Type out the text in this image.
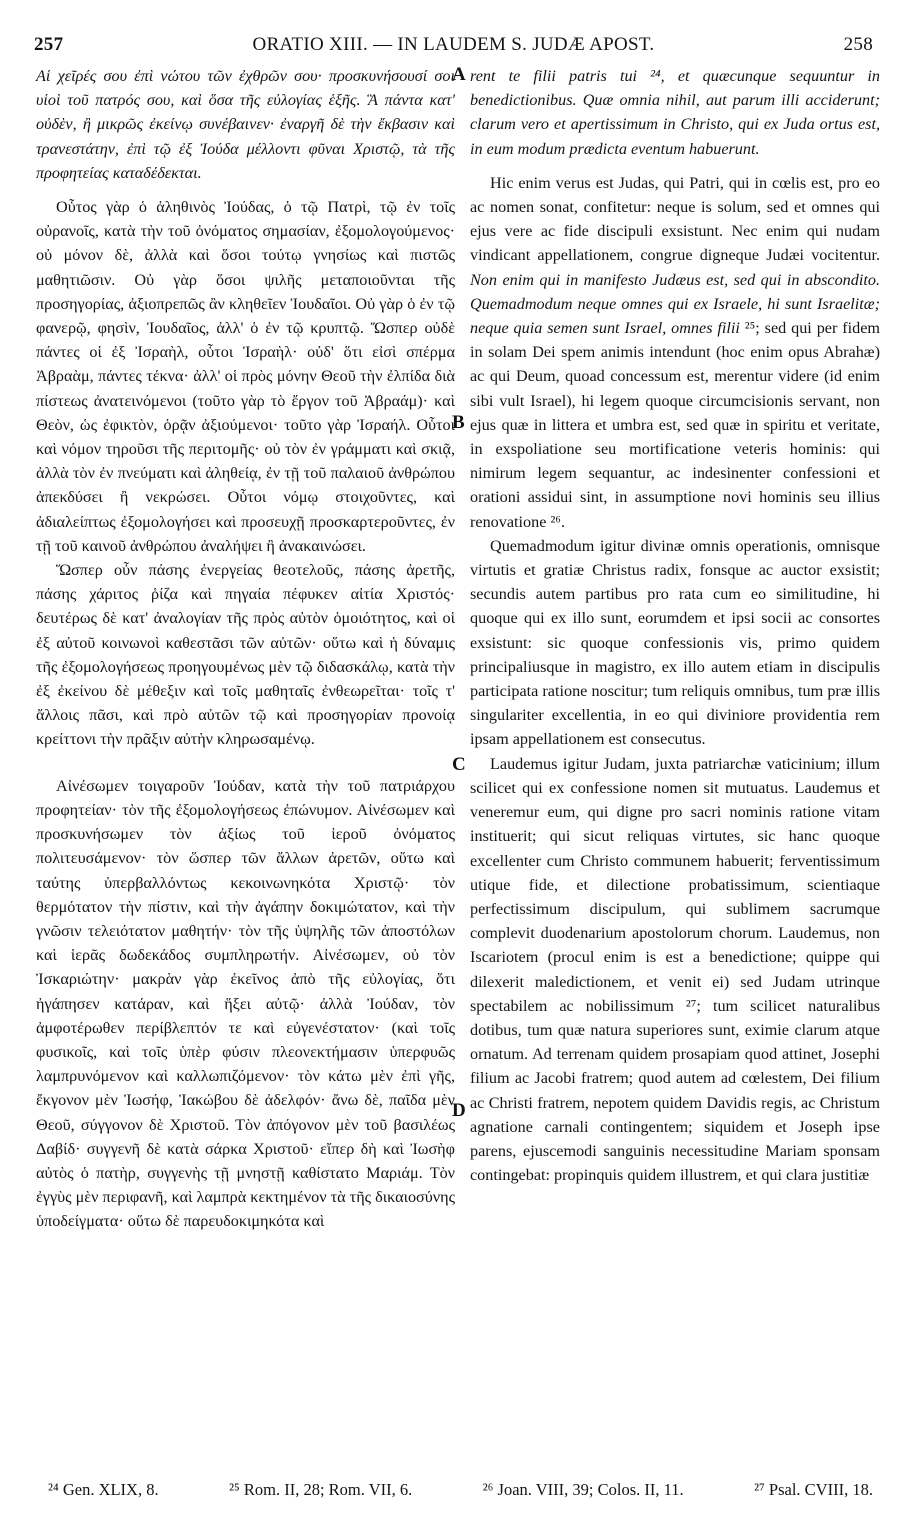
257	ORATIO XIII. — IN LAUDEM S. JUDÆ APOST.	258

Αἱ χεῖρές σου ἐπὶ νώτου τῶν ἐχθρῶν σου· προσκυνήσουσί σοι υἱοὶ τοῦ πατρός σου, καὶ ὅσα τῆς εὐλογίας ἑξῆς. Ἃ πάντα κατ' οὐδὲν, ἢ μικρῶς ἐκείνῳ συνέβαινεν· ἐναργῆ δὲ τὴν ἔκβασιν καὶ τρανεστάτην, ἐπὶ τῷ ἐξ Ἰούδα μέλλοντι φῦναι Χριστῷ, τὰ τῆς προφητείας καταδέδεκται.

Οὗτος γὰρ ὁ ἀληθινὸς Ἰούδας, ὁ τῷ Πατρὶ, τῷ ἐν τοῖς οὐρανοῖς, κατὰ τὴν τοῦ ὀνόματος σημασίαν, ἐξομολογούμενος· οὐ μόνον δὲ, ἀλλὰ καὶ ὅσοι τούτῳ γνησίως καὶ πιστῶς μαθητιῶσιν. Οὐ γὰρ ὅσοι ψιλῆς μεταποιοῦνται τῆς προσηγορίας, ἀξιοπρεπῶς ἂν κληθεῖεν Ἰουδαῖοι. Οὐ γὰρ ὁ ἐν τῷ φανερῷ, φησὶν, Ἰουδαῖος, ἀλλ' ὁ ἐν τῷ κρυπτῷ. Ὥσπερ οὐδὲ πάντες οἱ ἐξ Ἰσραὴλ, οὗτοι Ἰσραὴλ· οὐδ' ὅτι εἰσὶ σπέρμα Ἀβραὰμ, πάντες τέκνα· ἀλλ' οἱ πρὸς μόνην Θεοῦ τὴν ἐλπίδα διὰ πίστεως ἀνατεινόμενοι (τοῦτο γὰρ τὸ ἔργον τοῦ Ἀβραάμ)· καὶ Θεὸν, ὡς ἐφικτὸν, ὁρᾷν ἀξιούμενοι· τοῦτο γὰρ Ἰσραήλ. Οὗτοι καὶ νόμον τηροῦσι τῆς περιτομῆς· οὐ τὸν ἐν γράμματι καὶ σκιᾷ, ἀλλὰ τὸν ἐν πνεύματι καὶ ἀληθείᾳ, ἐν τῇ τοῦ παλαιοῦ ἀνθρώπου ἀπεκδύσει ἢ νεκρώσει. Οὗτοι νόμῳ στοιχοῦντες, καὶ ἀδιαλείπτως ἐξομολογήσει καὶ προσευχῇ προσκαρτεροῦντες, ἐν τῇ τοῦ καινοῦ ἀνθρώπου ἀναλήψει ἢ ἀνακαινώσει.

Ὥσπερ οὖν πάσης ἐνεργείας θεοτελοῦς, πάσης ἀρετῆς, πάσης χάριτος ῥίζα καὶ πηγαία πέφυκεν αἰτία Χριστός· δευτέρως δὲ κατ' ἀναλογίαν τῆς πρὸς αὐτὸν ὁμοιότητος, καὶ οἱ ἐξ αὐτοῦ κοινωνοὶ καθεστᾶσι τῶν αὐτῶν· οὕτω καὶ ἡ δύναμις τῆς ἐξομολογήσεως προηγουμένως μὲν τῷ διδασκάλῳ, κατὰ τὴν ἐξ ἐκείνου δὲ μέθεξιν καὶ τοῖς μαθηταῖς ἐνθεωρεῖται· τοῖς τ' ἄλλοις πᾶσι, καὶ πρὸ αὐτῶν τῷ καὶ προσηγορίαν προνοίᾳ κρείττονι τὴν πρᾶξιν αὐτὴν κληρωσαμένῳ.

Αἰνέσωμεν τοιγαροῦν Ἰούδαν, κατὰ τὴν τοῦ πατριάρχου προφητείαν· τὸν τῆς ἐξομολογήσεως ἐπώνυμον. Αἰνέσωμεν καὶ προσκυνήσωμεν τὸν ἀξίως τοῦ ἱεροῦ ὀνόματος πολιτευσάμενον· τὸν ὥσπερ τῶν ἄλλων ἀρετῶν, οὕτω καὶ ταύτης ὑπερβαλλόντως κεκοινωνηκότα Χριστῷ· τὸν θερμότατον τὴν πίστιν, καὶ τὴν ἀγάπην δοκιμώτατον, καὶ τὴν γνῶσιν τελειότατον μαθητήν· τὸν τῆς ὑψηλῆς τῶν ἀποστόλων καὶ ἱερᾶς δωδεκάδος συμπληρωτήν. Αἰνέσωμεν, οὐ τὸν Ἰσκαριώτην· μακρὰν γὰρ ἐκεῖνος ἀπὸ τῆς εὐλογίας, ὅτι ἠγάπησεν κατάραν, καὶ ἥξει αὐτῷ· ἀλλὰ Ἰούδαν, τὸν ἀμφοτέρωθεν περίβλεπτόν τε καὶ εὐγενέστατον· (καὶ τοῖς φυσικοῖς, καὶ τοῖς ὑπὲρ φύσιν πλεονεκτήμασιν ὑπερφυῶς λαμπρυνόμενον καὶ καλλωπιζόμενον· τὸν κάτω μὲν ἐπὶ γῆς, ἔκγονον μὲν Ἰωσήφ, Ἰακώβου δὲ ἀδελφόν· ἄνω δὲ, παῖδα μὲν Θεοῦ, σύγγονον δὲ Χριστοῦ. Τὸν ἀπόγονον μὲν τοῦ βασιλέως Δαβίδ· συγγενῆ δὲ κατὰ σάρκα Χριστοῦ· εἴπερ δὴ καὶ Ἰωσὴφ αὐτὸς ὁ πατὴρ, συγγενὴς τῇ μνηστῇ καθίστατο Μαριάμ. Τὸν ἐγγὺς μὲν περιφανῆ, καὶ λαμπρὰ κεκτημένον τὰ τῆς δικαιοσύνης ὑποδείγματα· οὕτω δὲ παρευδοκιμηκότα καὶ

A
B
C
D

rent te filii patris tui ²⁴, et quæcunque sequuntur in benedictionibus. Quæ omnia nihil, aut parum illi acciderunt; clarum vero et apertissimum in Christo, qui ex Juda ortus est, in eum modum prædicta eventum habuerunt.

Hic enim verus est Judas, qui Patri, qui in cœlis est, pro eo ac nomen sonat, confitetur: neque is solum, sed et omnes qui ejus vere ac fide discipuli exsistunt. Nec enim qui nudam vindicant appellationem, congrue digneque Judæi vocitentur. Non enim qui in manifesto Judæus est, sed qui in abscondito. Quemadmodum neque omnes qui ex Israele, hi sunt Israelitæ; neque quia semen sunt Israel, omnes filii ²⁵; sed qui per fidem in solam Dei spem animis intendunt (hoc enim opus Abrahæ) ac qui Deum, quoad concessum est, merentur videre (id enim sibi vult Israel), hi legem quoque circumcisionis servant, non ejus quæ in littera et umbra est, sed quæ in spiritu et veritate, in exspoliatione seu mortificatione veteris hominis: qui nimirum legem sequantur, ac indesinenter confessioni et orationi assidui sint, in assumptione novi hominis seu illius renovatione ²⁶.

Quemadmodum igitur divinæ omnis operationis, omnisque virtutis et gratiæ Christus radix, fonsque ac auctor exsistit; secundis autem partibus pro rata cum eo similitudine, hi quoque qui ex illo sunt, eorumdem et ipsi socii ac consortes exsistunt: sic quoque confessionis vis, primo quidem principaliusque in magistro, ex illo autem etiam in discipulis participata ratione noscitur; tum reliquis omnibus, tum præ illis singulariter excellentia, in eo qui diviniore providentia rem ipsam appellationem est consecutus.

Laudemus igitur Judam, juxta patriarchæ vaticinium; illum scilicet qui ex confessione nomen sit mutuatus. Laudemus et veneremur eum, qui digne pro sacri nominis ratione vitam instituerit; qui sicut reliquas virtutes, sic hanc quoque excellenter cum Christo communem habuerit; ferventissimum utique fide, et dilectione probatissimum, scientiaque perfectissimum discipulum, qui sublimem sacrumque complevit duodenarium apostolorum chorum. Laudemus, non Iscariotem (procul enim is est a benedictione; quippe qui dilexerit maledictionem, et venit ei) sed Judam utrinque spectabilem ac nobilissimum ²⁷; tum scilicet naturalibus dotibus, tum quæ natura superiores sunt, eximie clarum atque ornatum. Ad terrenam quidem prosapiam quod attinet, Josephi filium ac Jacobi fratrem; quod autem ad cœlestem, Dei filium ac Christi fratrem, nepotem quidem Davidis regis, ac Christum agnatione carnali contingentem; siquidem et Joseph ipse parens, ejuscemodi sanguinis necessitudine Mariam sponsam contingebat: propinquis quidem illustrem, et qui clara justitiæ

²⁴ Gen. XLIX, 8.	²⁵ Rom. II, 28; Rom. VII, 6.	²⁶ Joan. VIII, 39; Colos. II, 11.	²⁷ Psal. CVIII, 18.
